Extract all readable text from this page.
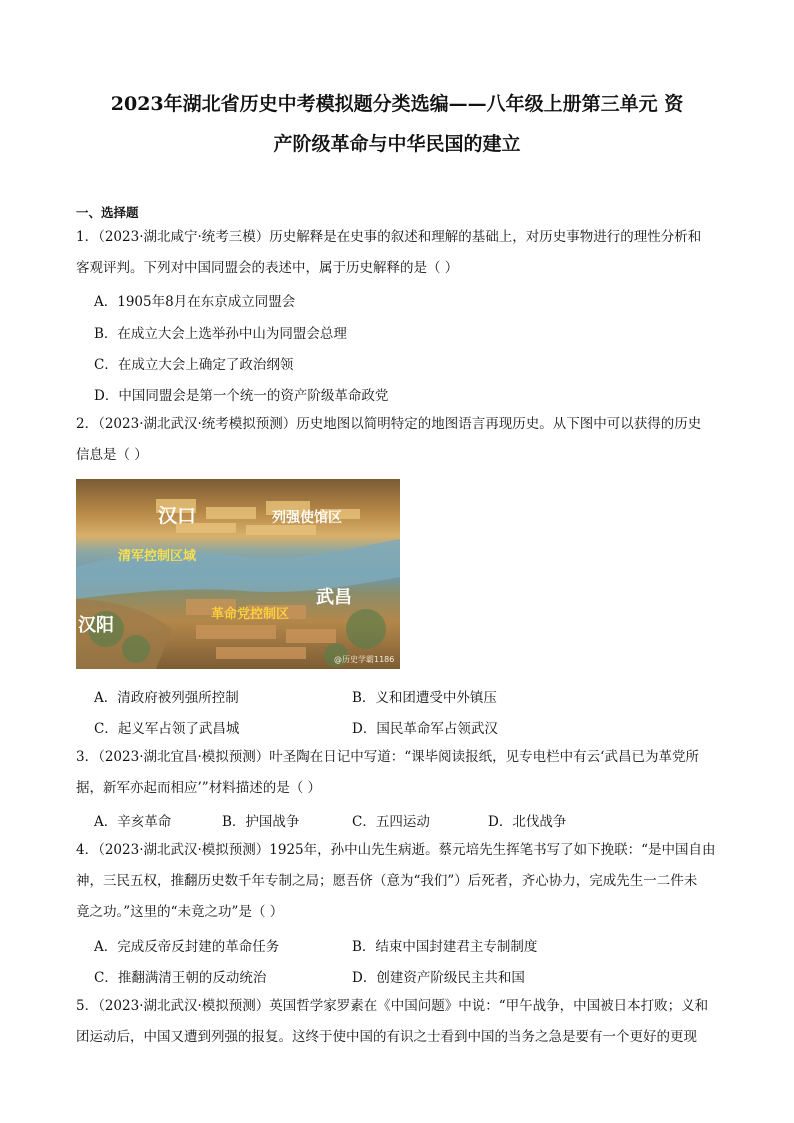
2023年湖北省历史中考模拟题分类选编——八年级上册第三单元 资
产阶级革命与中华民国的建立
一、选择题
1．（2023·湖北咸宁·统考三模）历史解释是在史事的叙述和理解的基础上，对历史事物进行的理性分析和
客观评判。下列对中国同盟会的表述中，属于历史解释的是（ ）
A．1905年8月在东京成立同盟会
B．在成立大会上选举孙中山为同盟会总理
C．在成立大会上确定了政治纲领
D．中国同盟会是第一个统一的资产阶级革命政党
2．（2023·湖北武汉·统考模拟预测）历史地图以简明特定的地图语言再现历史。从下图中可以获得的历史
信息是（ ）
汉口	列强使馆区
清军控制区域
武昌
革命党控制区
汉阳
@历史学霸1186
A．清政府被列强所控制	B．义和团遭受中外镇压
C．起义军占领了武昌城	D．国民革命军占领武汉
3．（2023·湖北宜昌·模拟预测）叶圣陶在日记中写道：“课毕阅读报纸，见专电栏中有云‘武昌已为革党所
据，新军亦起而相应’”材料描述的是（ ）
A．辛亥革命	B．护国战争	C．五四运动	D．北伐战争
4．（2023·湖北武汉·模拟预测）1925年，孙中山先生病逝。蔡元培先生挥笔书写了如下挽联：“是中国自由
神，三民五权，推翻历史数千年专制之局；愿吾侪（意为“我们”）后死者，齐心协力，完成先生一二件未
竟之功。”这里的“未竟之功”是（ ）
A．完成反帝反封建的革命任务	B．结束中国封建君主专制制度
C．推翻满清王朝的反动统治	D．创建资产阶级民主共和国
5．（2023·湖北武汉·模拟预测）英国哲学家罗素在《中国问题》中说：“甲午战争，中国被日本打败；义和
团运动后，中国又遭到列强的报复。这终于使中国的有识之士看到中国的当务之急是要有一个更好的更现
